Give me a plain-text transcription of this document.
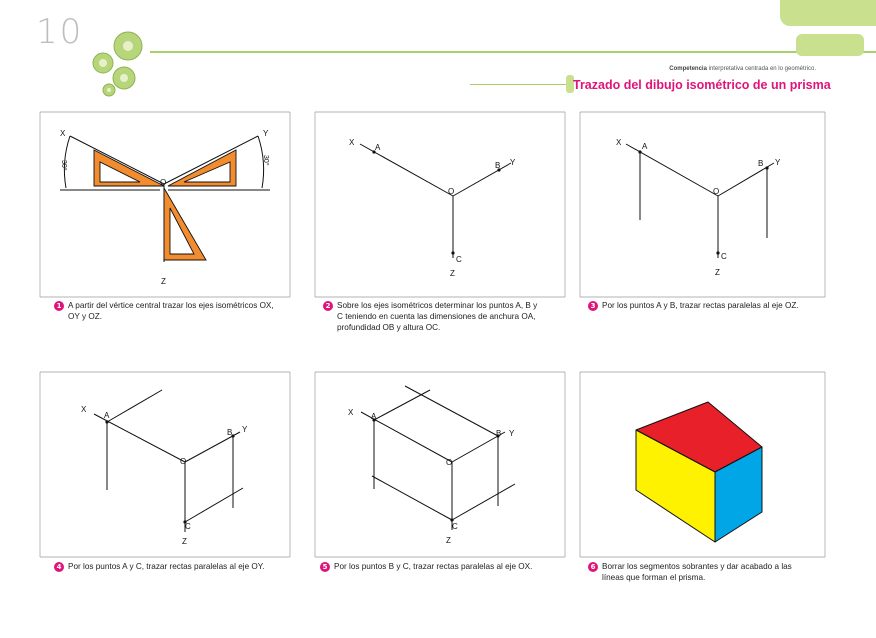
10
Competencia interpretativa centrada en lo geométrico.
Trazado del dibujo isométrico de un prisma
X	Y
Z
O
30°	30°
X
A
B Y
O
C
Z
X	A
B Y
O
C
Z
X
A
B Y
O
C
Z
X A
B Y
O
C
Z
1 A partir del vértice central trazar los ejes isométricos OX, OY y OZ.
2 Sobre los ejes isométricos determinar los puntos A, B y C teniendo en cuenta las dimensiones de anchura OA, profundidad OB y altura OC.
3 Por los puntos A y B, trazar rectas paralelas al eje OZ.
4 Por los puntos A y C, trazar rectas paralelas al eje OY.	5 Por los puntos B y C, trazar rectas paralelas al eje OX.	6 Borrar los segmentos sobrantes y dar acabado a las líneas que forman el prisma.
